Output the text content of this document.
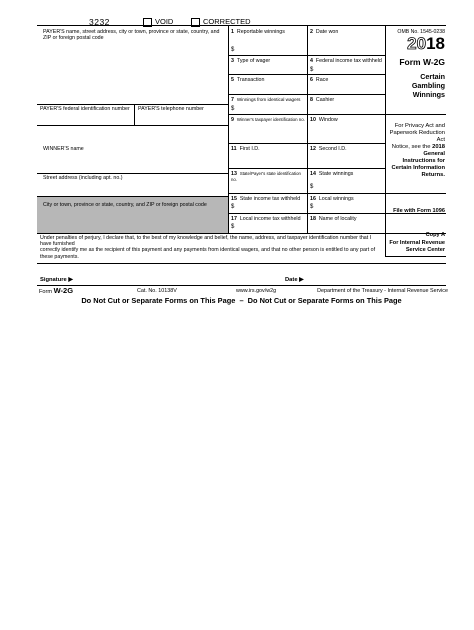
3232	VOID	CORRECTED
PAYER'S name, street address, city or town, province or state, country, and ZIP or foreign postal code
PAYER'S federal identification number	PAYER'S telephone number
WINNER'S name
Street address (including apt. no.)
City or town, province or state, country, and ZIP or foreign postal code
1 Reportable winnings
$
2 Date won
3 Type of wager	4 Federal income tax withheld
$
5 Transaction	6 Race
7 Winnings from identical wagers
$
8 Cashier
9 Winner's taxpayer identification no. 10 Window
11 First I.D.	12 Second I.D.
13 State/Payer's state identification no.
14 State winnings
$
15 State income tax withheld
$
16 Local winnings
$
17 Local income tax withheld
$
18 Name of locality
OMB No. 1545-0238
2018
Form W-2G
Certain
Gambling
Winnings
For Privacy Act and
Paperwork Reduction
Act
Notice, see the 2018
General
Instructions for
Certain Information
Returns.
File with Form 1096
Copy A
For Internal Revenue
Service Center
Under penalties of perjury, I declare that, to the best of my knowledge and belief, the name, address, and taxpayer identification number that I have furnished
correctly identify me as the recipient of this payment and any payments from identical wagers, and that no other person is entitled to any part of these payments.
Signature ▶	Date ▶
Form W-2G	Cat. No. 10138V	www.irs.gov/w2g	Department of the Treasury - Internal Revenue Service
Do Not Cut or Separate Forms on This Page  –  Do Not Cut or Separate Forms on This Page
